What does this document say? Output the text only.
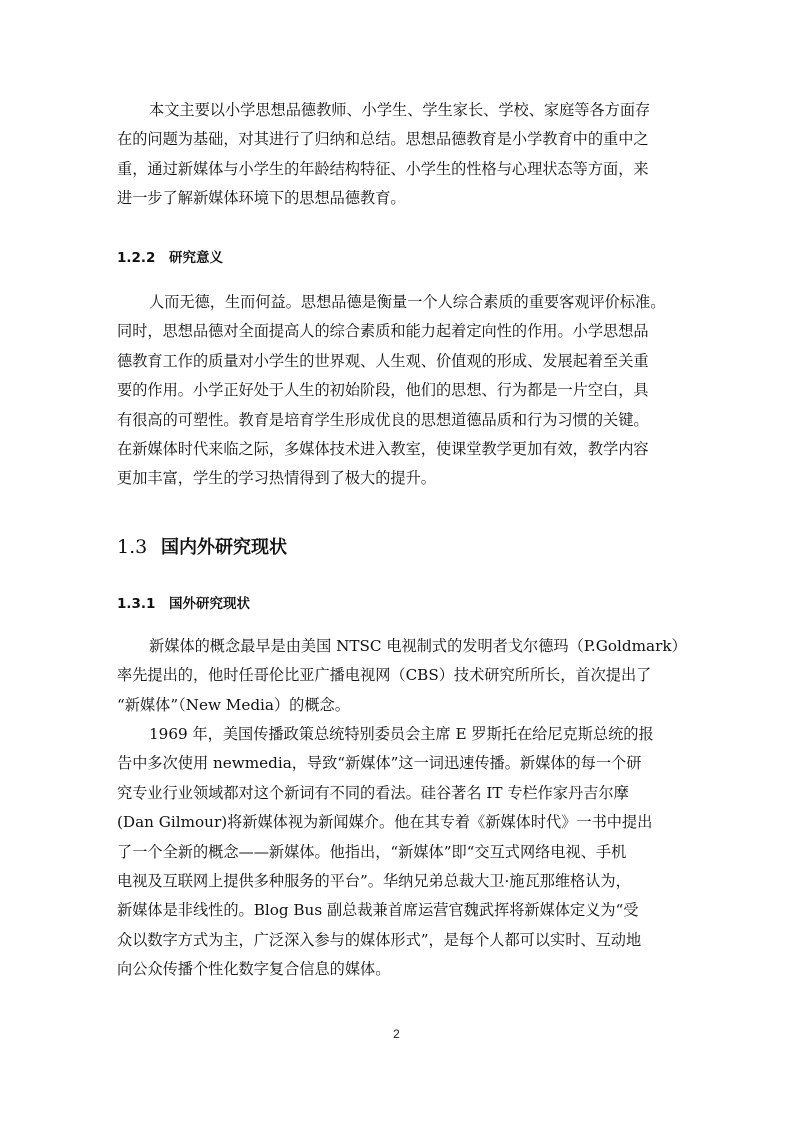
本文主要以小学思想品德教师、小学生、学生家长、学校、家庭等各方面存
在的问题为基础，对其进行了归纳和总结。思想品德教育是小学教育中的重中之
重，通过新媒体与小学生的年龄结构特征、小学生的性格与心理状态等方面，来
进一步了解新媒体环境下的思想品德教育。
1.2.2 研究意义
人而无德，生而何益。思想品德是衡量一个人综合素质的重要客观评价标准。
同时，思想品德对全面提高人的综合素质和能力起着定向性的作用。小学思想品
德教育工作的质量对小学生的世界观、人生观、价值观的形成、发展起着至关重
要的作用。小学正好处于人生的初始阶段，他们的思想、行为都是一片空白，具
有很高的可塑性。教育是培育学生形成优良的思想道德品质和行为习惯的关键。
在新媒体时代来临之际，多媒体技术进入教室，使课堂教学更加有效，教学内容
更加丰富，学生的学习热情得到了极大的提升。
1.3 国内外研究现状
1.3.1 国外研究现状
新媒体的概念最早是由美国 NTSC 电视制式的发明者戈尔德玛（P.Goldmark）
率先提出的，他时任哥伦比亚广播电视网（CBS）技术研究所所长，首次提出了
“新媒体”（New Media）的概念。
1969 年，美国传播政策总统特别委员会主席 E 罗斯托在给尼克斯总统的报
告中多次使用 newmedia，导致“新媒体”这一词迅速传播。新媒体的每一个研
究专业行业领域都对这个新词有不同的看法。硅谷著名 IT 专栏作家丹吉尔摩
(Dan Gilmour)将新媒体视为新闻媒介。他在其专着《新媒体时代》一书中提出
了一个全新的概念——新媒体。他指出，“新媒体”即“交互式网络电视、手机
电视及互联网上提供多种服务的平台”。华纳兄弟总裁大卫·施瓦那维格认为，
新媒体是非线性的。Blog Bus 副总裁兼首席运营官魏武挥将新媒体定义为“受
众以数字方式为主，广泛深入参与的媒体形式”，是每个人都可以实时、互动地
向公众传播个性化数字复合信息的媒体。
2
